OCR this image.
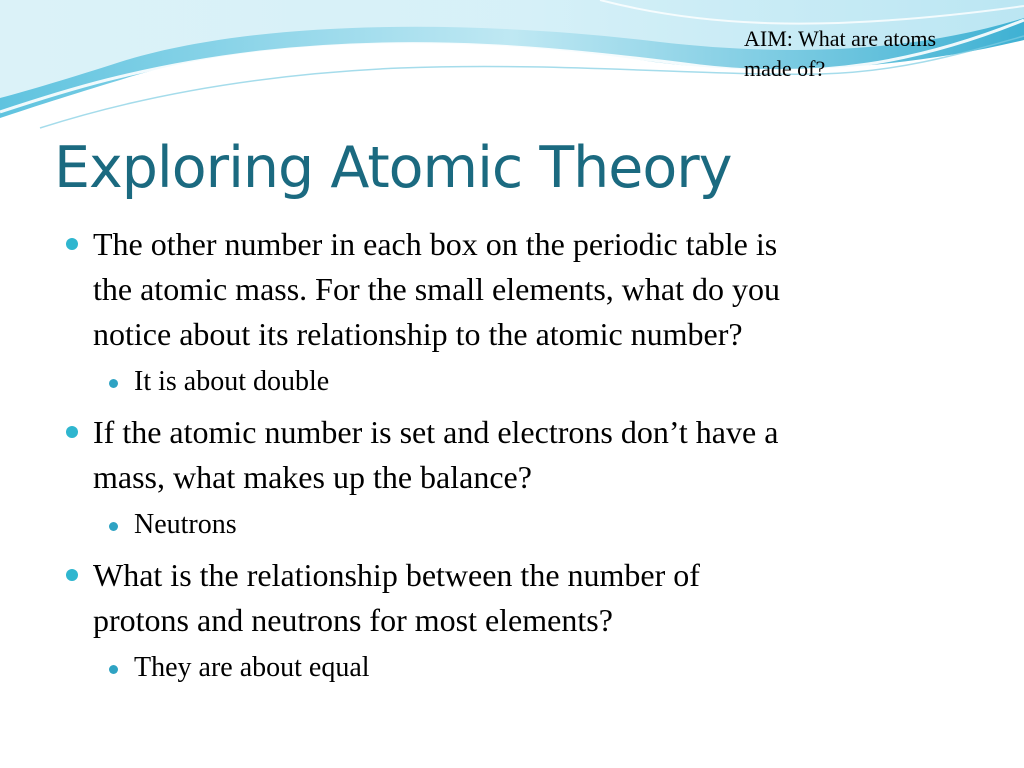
AIM: What are atoms
made of?
Exploring Atomic Theory
The other number in each box on the periodic table is
the atomic mass. For the small elements, what do you
notice about its relationship to the atomic number?
It is about double
If the atomic number is set and electrons don’t have a
mass, what makes up the balance?
Neutrons
What is the relationship between the number of
protons and neutrons for most elements?
They are about equal
